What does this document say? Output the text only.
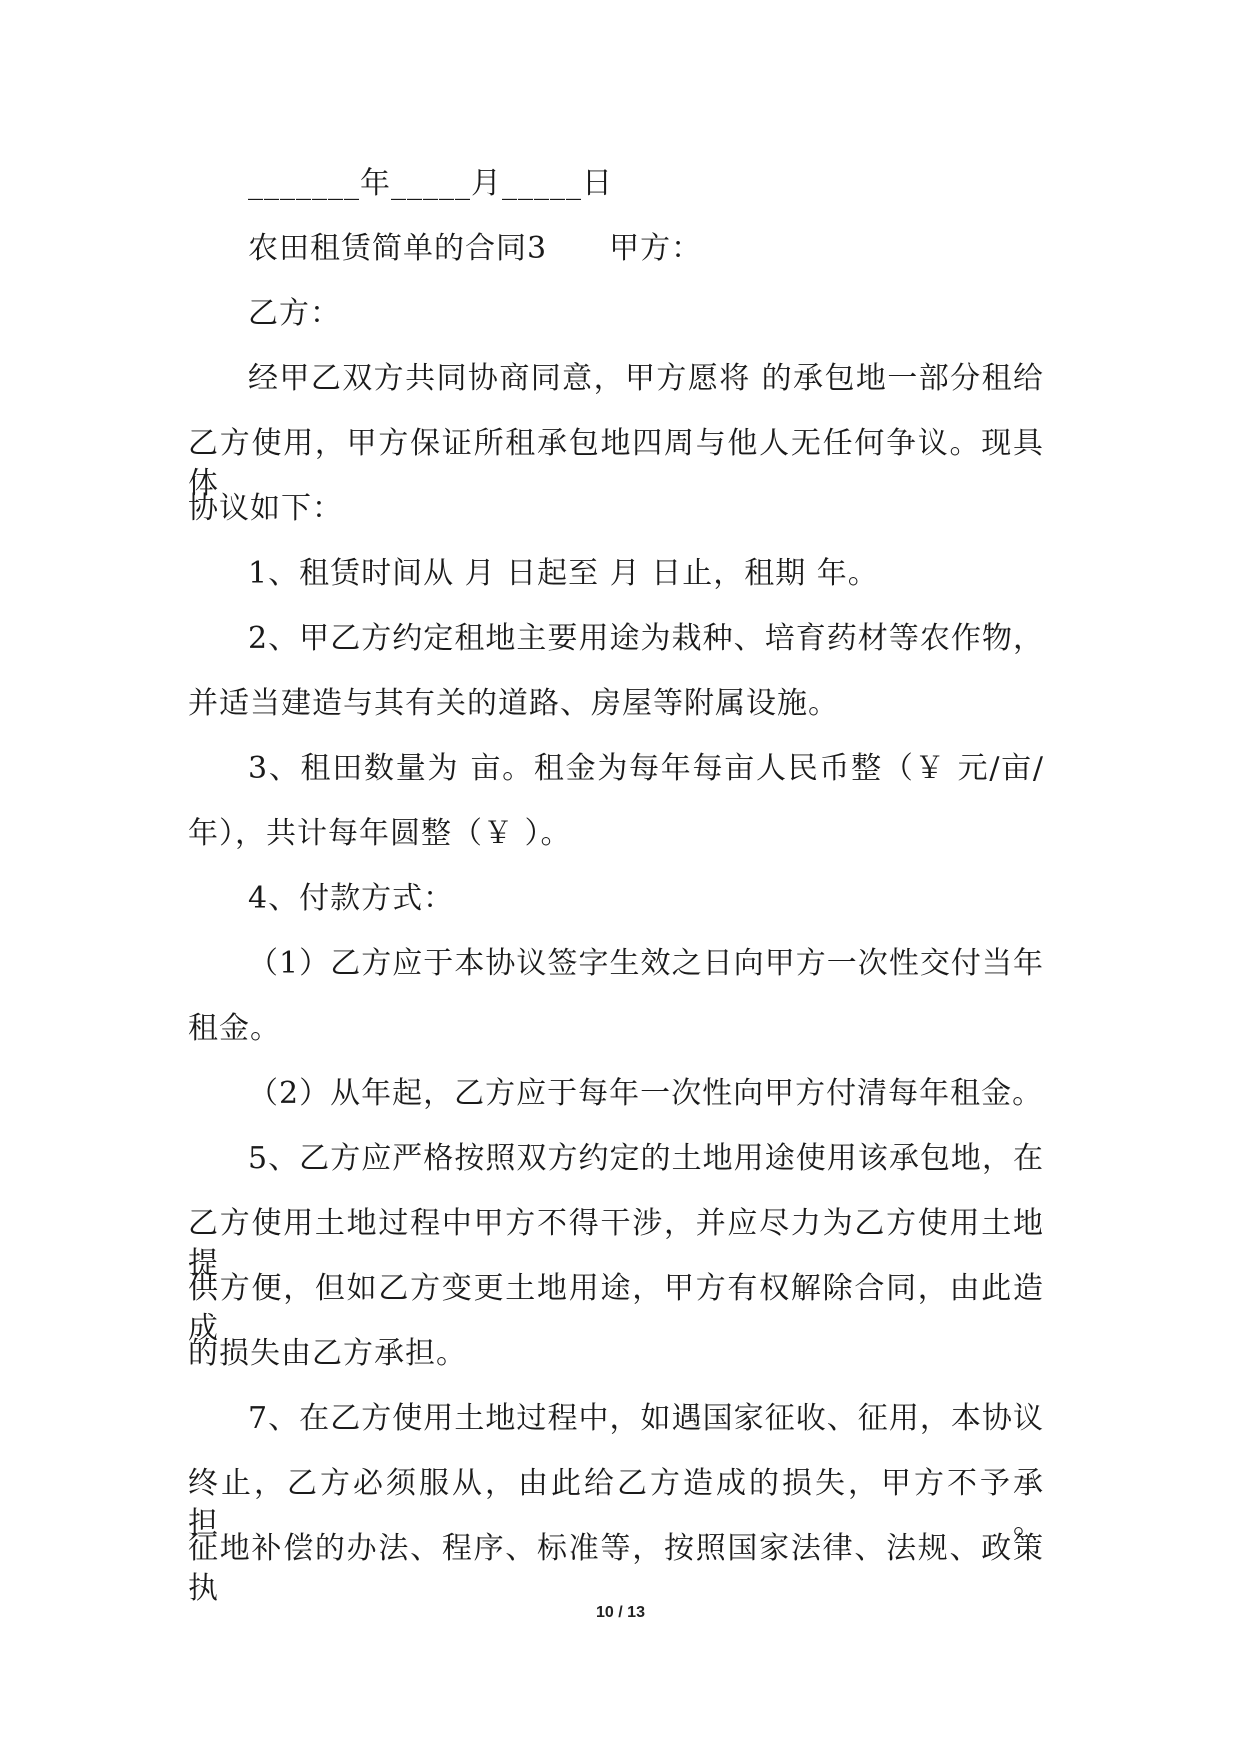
_______年_____月_____日
农田租赁简单的合同3　　甲方：
乙方：
经甲乙双方共同协商同意，甲方愿将 的承包地一部分租给
乙方使用，甲方保证所租承包地四周与他人无任何争议。现具体
协议如下：
1、租赁时间从 月 日起至 月 日止，租期 年。
2、甲乙方约定租地主要用途为栽种、培育药材等农作物，
并适当建造与其有关的道路、房屋等附属设施。
3、租田数量为 亩。租金为每年每亩人民币整（￥ 元/亩/
年），共计每年圆整（￥ ）。
4、付款方式：
（1）乙方应于本协议签字生效之日向甲方一次性交付当年
租金。
（2）从年起，乙方应于每年一次性向甲方付清每年租金。
5、乙方应严格按照双方约定的土地用途使用该承包地，在
乙方使用土地过程中甲方不得干涉，并应尽力为乙方使用土地提
供方便，但如乙方变更土地用途，甲方有权解除合同，由此造成
的损失由乙方承担。
7、在乙方使用土地过程中，如遇国家征收、征用，本协议
终止，乙方必须服从，由此给乙方造成的损失，甲方不予承担。
征地补偿的办法、程序、标准等，按照国家法律、法规、政策执
10 / 13
